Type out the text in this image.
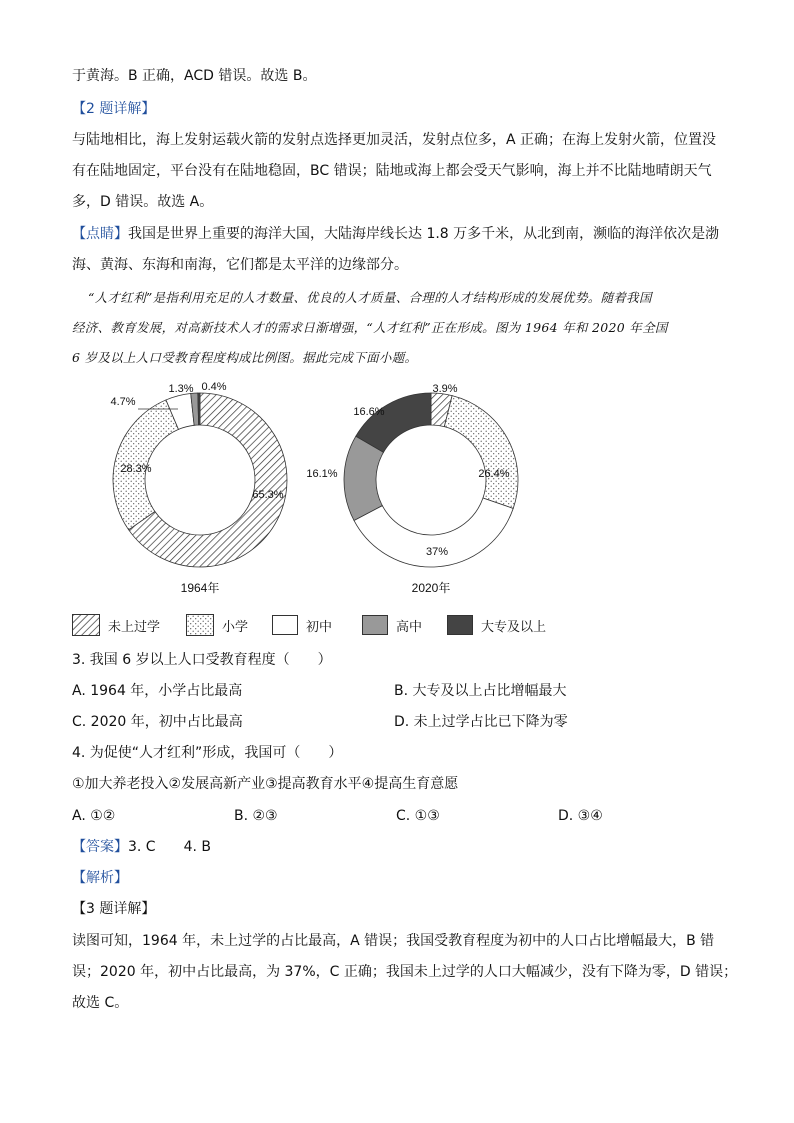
于黄海。B 正确，ACD 错误。故选 B。
【2 题详解】
与陆地相比，海上发射运载火箭的发射点选择更加灵活，发射点位多，A 正确；在海上发射火箭，位置没
有在陆地固定，平台没有在陆地稳固，BC 错误；陆地或海上都会受天气影响，海上并不比陆地晴朗天气
多，D 错误。故选 A。
【点睛】我国是世界上重要的海洋大国，大陆海岸线长达 1.8 万多千米，从北到南，濒临的海洋依次是渤
海、黄海、东海和南海，它们都是太平洋的边缘部分。
“人才红利”是指利用充足的人才数量、优良的人才质量、合理的人才结构形成的发展优势。随着我国
经济、教育发展，对高新技术人才的需求日渐增强，“人才红利”正在形成。图为 1964 年和 2020 年全国
6 岁及以上人口受教育程度构成比例图。据此完成下面小题。
65.3%
28.3%
4.7%
1.3% 0.4%
1964年
3.9%
26.4%
37%
16.1%
16.6%
2020年
未上过学	小学	初中	高中	大专及以上
3. 我国 6 岁以上人口受教育程度（　　）
A. 1964 年，小学占比最高	B. 大专及以上占比增幅最大
C. 2020 年，初中占比最高	D. 未上过学占比已下降为零
4. 为促使“人才红利”形成，我国可（　　）
①加大养老投入②发展高新产业③提高教育水平④提高生育意愿
A. ①②	B. ②③	C. ①③	D. ③④
【答案】3. C　　4. B
【解析】
【3 题详解】
读图可知，1964 年，未上过学的占比最高，A 错误；我国受教育程度为初中的人口占比增幅最大，B 错
误；2020 年，初中占比最高，为 37%，C 正确；我国未上过学的人口大幅减少，没有下降为零，D 错误；
故选 C。
